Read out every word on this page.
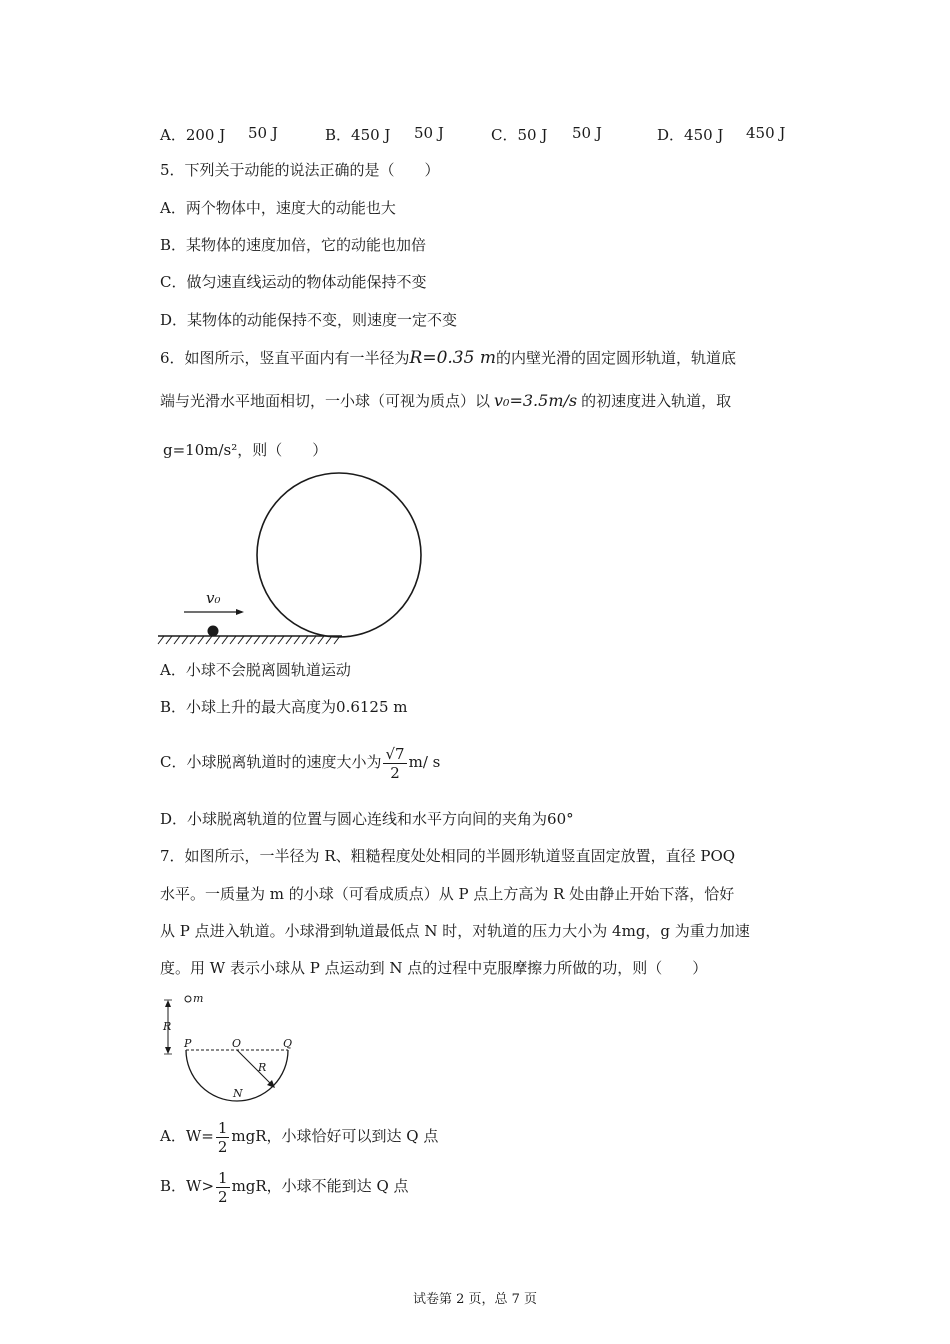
A．200 J 50 J	B．450 J 50 J	C．50 J 50 J	D．450 J 450 J
5．下列关于动能的说法正确的是（　　）
A．两个物体中，速度大的动能也大
B．某物体的速度加倍，它的动能也加倍
C．做匀速直线运动的物体动能保持不变
D．某物体的动能保持不变，则速度一定不变
6．如图所示，竖直平面内有一半径为R=0.35 m的内壁光滑的固定圆形轨道，轨道底
端与光滑水平地面相切，一小球（可视为质点）以 v₀=3.5m/s 的初速度进入轨道，取
g=10m/s²，则（　　）
v₀
A．小球不会脱离圆轨道运动
B．小球上升的最大高度为0.6125 m
C．小球脱离轨道时的速度大小为 $\frac{√7}{2} m/$ s
D．小球脱离轨道的位置与圆心连线和水平方向间的夹角为60°
7．如图所示，一半径为 R、粗糙程度处处相同的半圆形轨道竖直固定放置，直径 POQ
水平。一质量为 m 的小球（可看成质点）从 P 点上方高为 R 处由静止开始下落，恰好
从 P 点进入轨道。小球滑到轨道最低点 N 时，对轨道的压力大小为 4mg，g 为重力加速
度。用 W 表示小球从 P 点运动到 N 点的过程中克服摩擦力所做的功，则（　　）
m
R
P	O	Q
R
N
A．$W= \frac{1}{2}$ mgR，小球恰好可以到达 Q 点
B．$W> \frac{1}{2}$ mgR，小球不能到达 Q 点
试卷第 2 页，总 7 页
